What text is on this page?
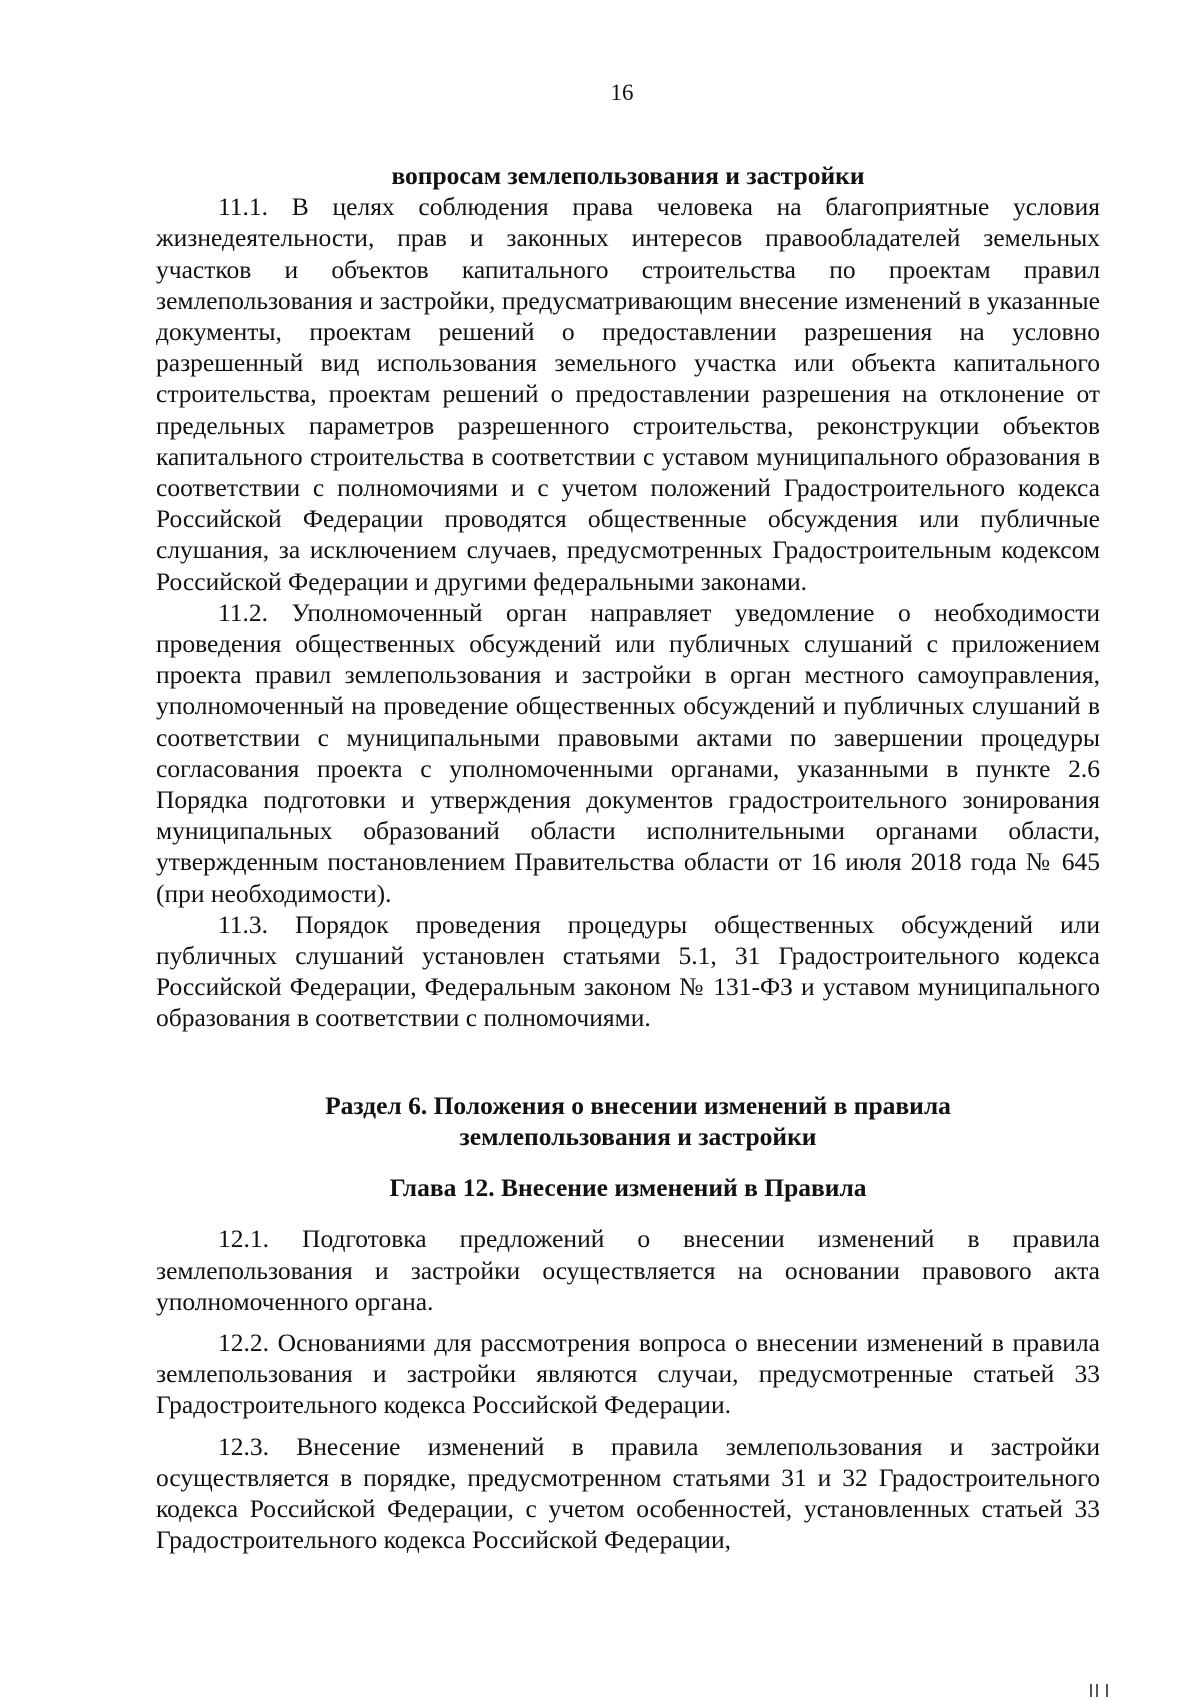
16

вопросам землепользования и застройки

11.1. В целях соблюдения права человека на благоприятные условия жизнедеятельности, прав и законных интересов правообладателей земельных участков и объектов капитального строительства по проектам правил землепользования и застройки, предусматривающим внесение изменений в указанные документы, проектам решений о предоставлении разрешения на условно разрешенный вид использования земельного участка или объекта капитального строительства, проектам решений о предоставлении разрешения на отклонение от предельных параметров разрешенного строительства, реконструкции объектов капитального строительства в соответствии с уставом муниципального образования в соответствии с полномочиями и с учетом положений Градостроительного кодекса Российской Федерации проводятся общественные обсуждения или публичные слушания, за исключением случаев, предусмотренных Градостроительным кодексом Российской Федерации и другими федеральными законами.

11.2. Уполномоченный орган направляет уведомление о необходимости проведения общественных обсуждений или публичных слушаний с приложением проекта правил землепользования и застройки в орган местного самоуправления, уполномоченный на проведение общественных обсуждений и публичных слушаний в соответствии с муниципальными правовыми актами по завершении процедуры согласования проекта с уполномоченными органами, указанными в пункте 2.6 Порядка подготовки и утверждения документов градостроительного зонирования муниципальных образований области исполнительными органами области, утвержденным постановлением Правительства области от 16 июля 2018 года № 645 (при необходимости).

11.3. Порядок проведения процедуры общественных обсуждений или публичных слушаний установлен статьями 5.1, 31 Градостроительного кодекса Российской Федерации, Федеральным законом № 131-ФЗ и уставом муниципального образования в соответствии с полномочиями.

Раздел 6. Положения о внесении изменений в правила
землепользования и застройки
Глава 12. Внесение изменений в Правила

12.1. Подготовка предложений о внесении изменений в правила землепользования и застройки осуществляется на основании правового акта уполномоченного органа.

12.2. Основаниями для рассмотрения вопроса о внесении изменений в правила землепользования и застройки являются случаи, предусмотренные статьей 33 Градостроительного кодекса Российской Федерации.

12.3. Внесение изменений в правила землепользования и застройки осуществляется в порядке, предусмотренном статьями 31 и 32 Градостроительного кодекса Российской Федерации, с учетом особенностей, установленных статьей 33 Градостроительного кодекса Российской Федерации,
